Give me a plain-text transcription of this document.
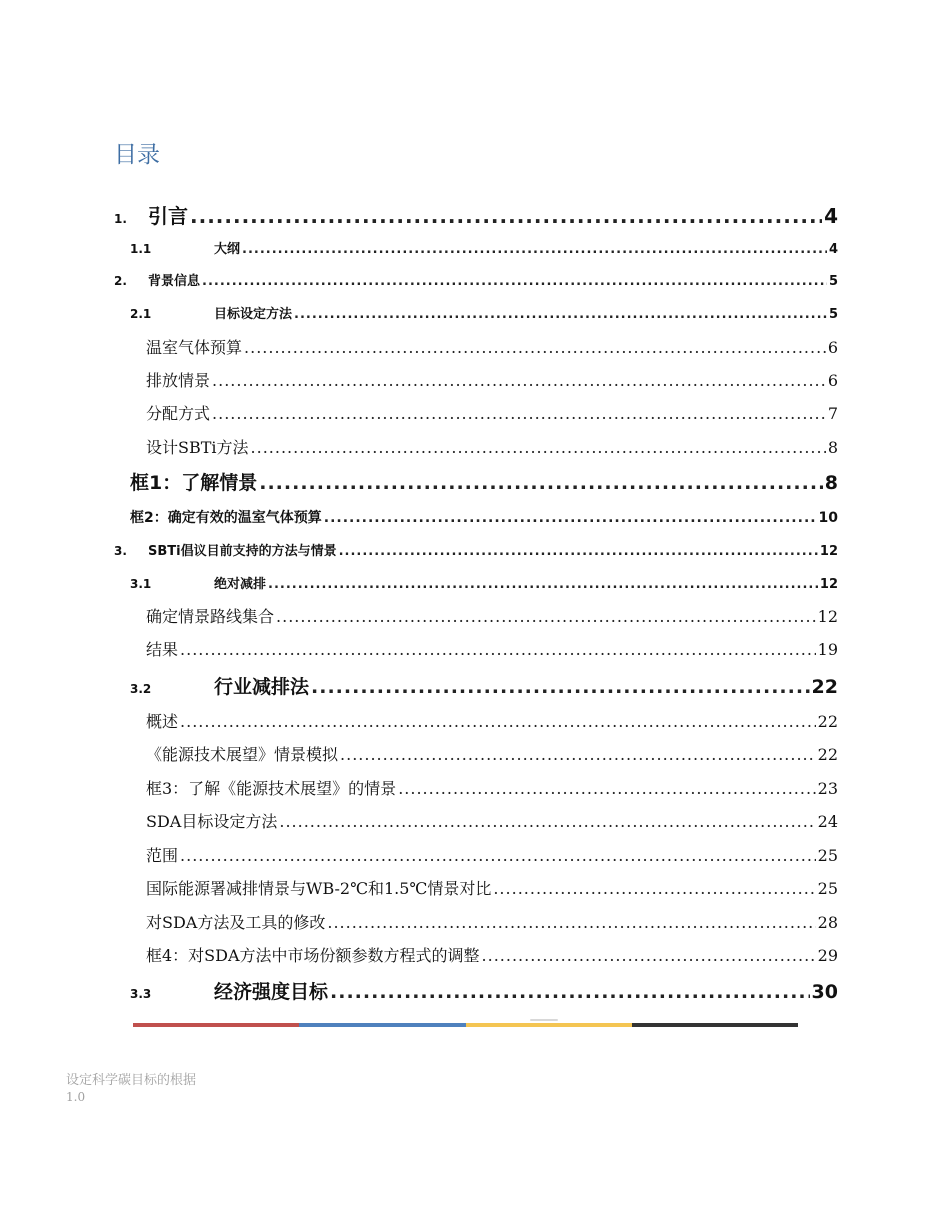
目录
1.	引言 .....	4
1.1	大纲 .....	4
2.	背景信息 .....	5
2.1	目标设定方法 .....	5
温室气体预算 .....	6
排放情景 .....	6
分配方式 .....	7
设计SBTi方法 .....	8
框1：了解情景 .....	8
框2：确定有效的温室气体预算 .....	10
3.	SBTi倡议目前支持的方法与情景 .....	12
3.1	绝对减排 .....	12
确定情景路线集合 .....	12
结果 .....	19
3.2	行业减排法 .....	22
概述 .....	22
《能源技术展望》情景模拟 .....	22
框3：了解《能源技术展望》的情景 .....	23
SDA目标设定方法 .....	24
范围 .....	25
国际能源署减排情景与WB-2℃和1.5℃情景对比 .....	25
对SDA方法及工具的修改 .....	28
框4：对SDA方法中市场份额参数方程式的调整 .....	29
3.3	经济强度目标 .....	30
设定科学碳目标的根据
1.0
